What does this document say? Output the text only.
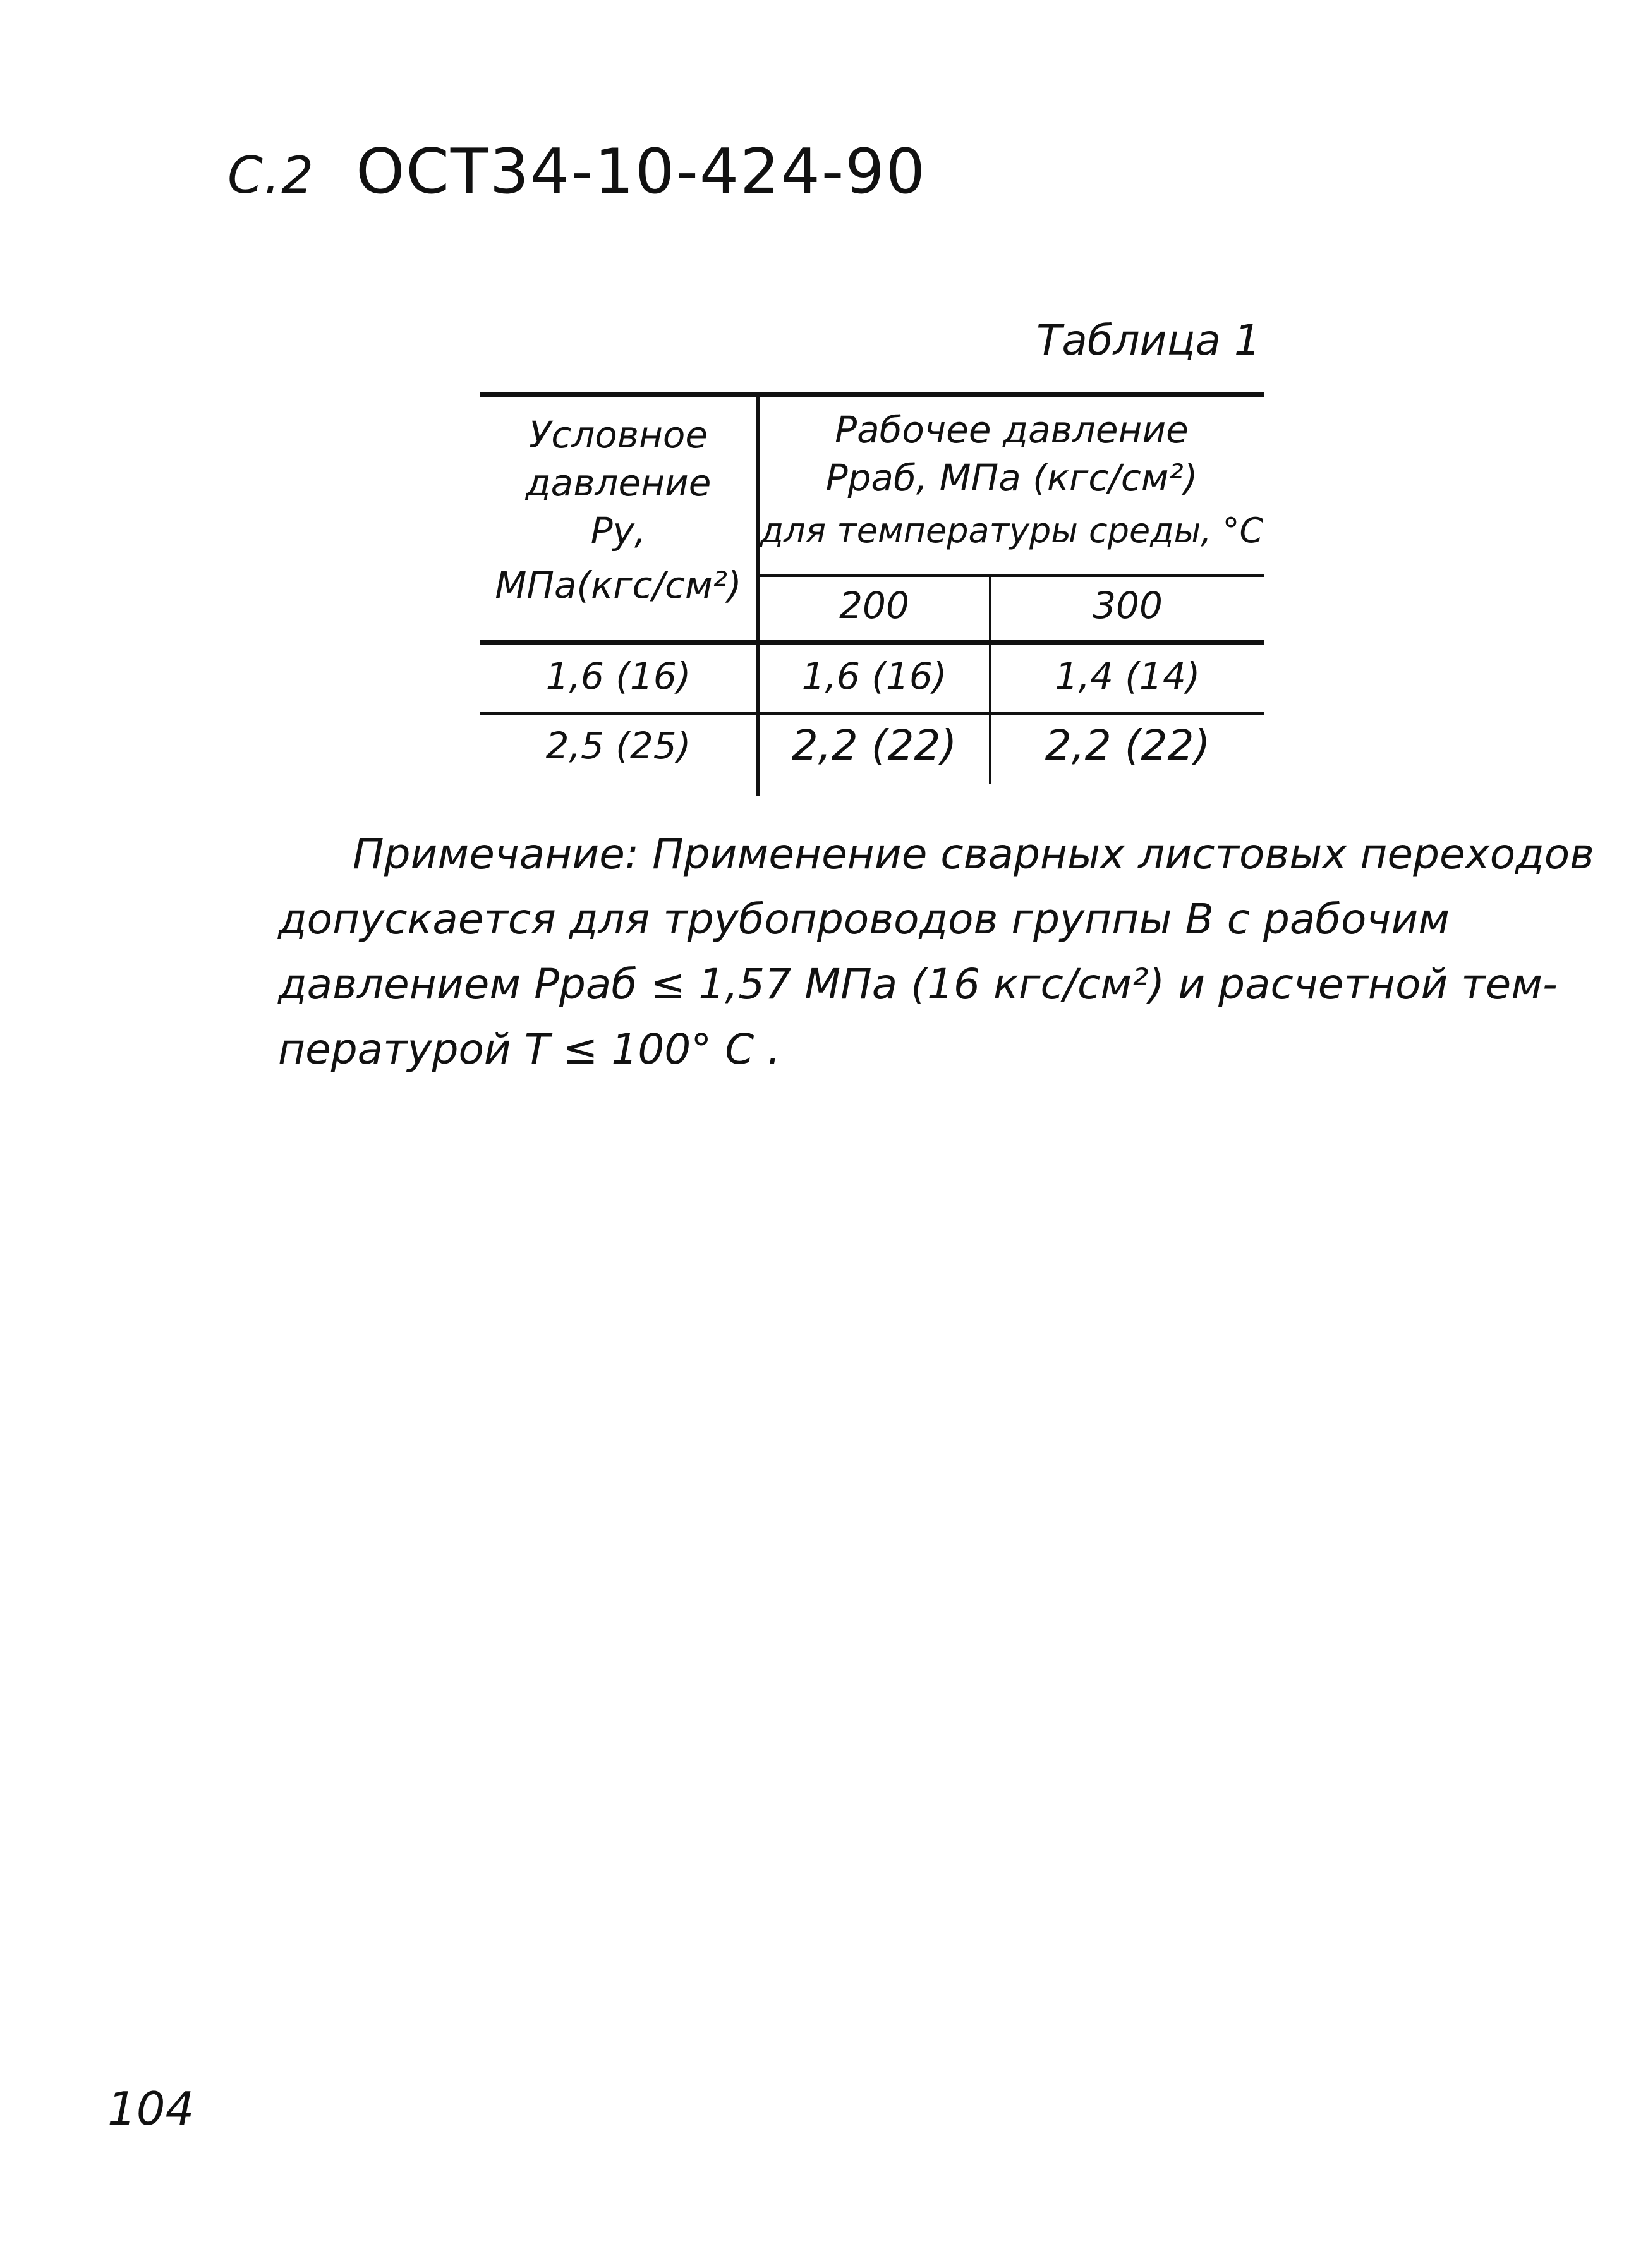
С.2 ОСТ34-10-424-90
Таблица 1
Условное
давление
Ру,
МПа(кгс/см²)
Рабочее давление
Рраб, МПа (кгс/см²)
для температуры среды, °С
200	300
1,6 (16)	1,6 (16)	1,4 (14)
2,5 (25)	2,2 (22)	2,2 (22)
Примечание: Применение сварных листовых переходов
допускается для трубопроводов группы В с рабочим
давлением Рраб ≤ 1,57 МПа (16 кгс/см²) и расчетной тем-
пературой Т ≤ 100° С .
104
